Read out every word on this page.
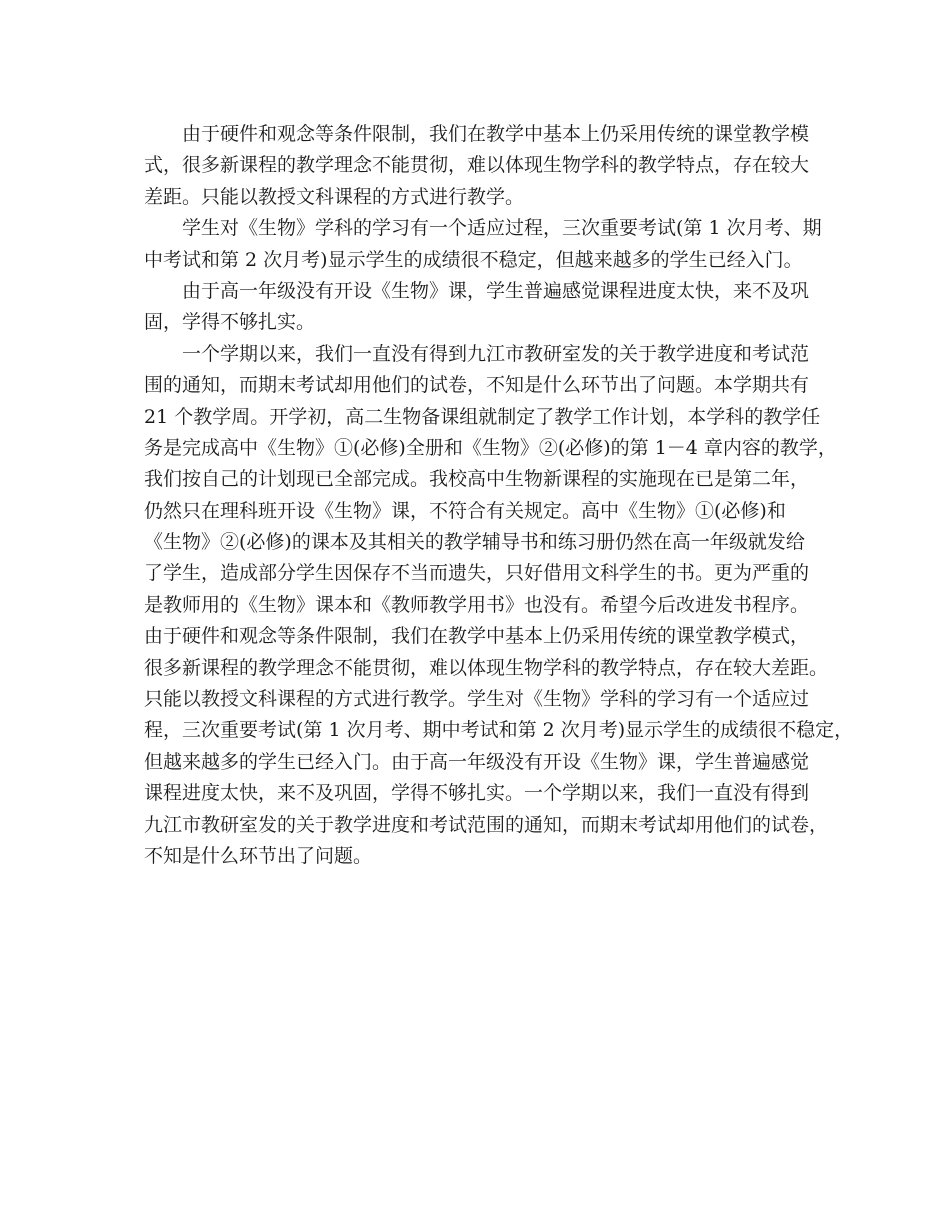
由于硬件和观念等条件限制，我们在教学中基本上仍采用传统的课堂教学模
式，很多新课程的教学理念不能贯彻，难以体现生物学科的教学特点，存在较大
差距。只能以教授文科课程的方式进行教学。
学生对《生物》学科的学习有一个适应过程，三次重要考试(第 1 次月考、期
中考试和第 2 次月考)显示学生的成绩很不稳定，但越来越多的学生已经入门。
由于高一年级没有开设《生物》课，学生普遍感觉课程进度太快，来不及巩
固，学得不够扎实。
一个学期以来，我们一直没有得到九江市教研室发的关于教学进度和考试范
围的通知，而期末考试却用他们的试卷，不知是什么环节出了问题。本学期共有
21 个教学周。开学初，高二生物备课组就制定了教学工作计划，本学科的教学任
务是完成高中《生物》①(必修)全册和《生物》②(必修)的第 1－4 章内容的教学，
我们按自己的计划现已全部完成。我校高中生物新课程的实施现在已是第二年，
仍然只在理科班开设《生物》课，不符合有关规定。高中《生物》①(必修)和
《生物》②(必修)的课本及其相关的教学辅导书和练习册仍然在高一年级就发给
了学生，造成部分学生因保存不当而遗失，只好借用文科学生的书。更为严重的
是教师用的《生物》课本和《教师教学用书》也没有。希望今后改进发书程序。
由于硬件和观念等条件限制，我们在教学中基本上仍采用传统的课堂教学模式，
很多新课程的教学理念不能贯彻，难以体现生物学科的教学特点，存在较大差距。
只能以教授文科课程的方式进行教学。学生对《生物》学科的学习有一个适应过
程，三次重要考试(第 1 次月考、期中考试和第 2 次月考)显示学生的成绩很不稳定，
但越来越多的学生已经入门。由于高一年级没有开设《生物》课，学生普遍感觉
课程进度太快，来不及巩固，学得不够扎实。一个学期以来，我们一直没有得到
九江市教研室发的关于教学进度和考试范围的通知，而期末考试却用他们的试卷，
不知是什么环节出了问题。
